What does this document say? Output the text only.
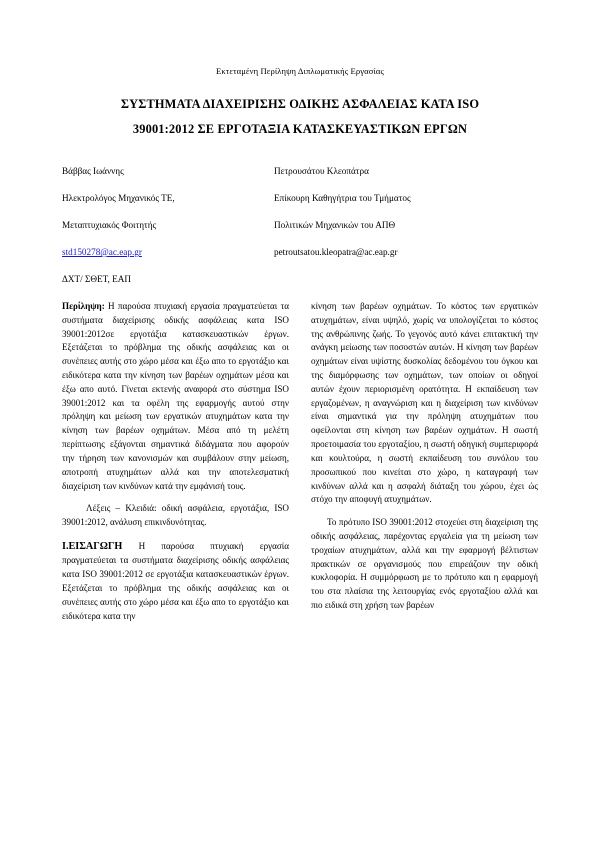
Εκτεταμένη Περίληψη Διπλωματικής Εργασίας
ΣΥΣΤΗΜΑΤΑ ΔΙΑΧΕΙΡΙΣΗΣ ΟΔΙΚΗΣ ΑΣΦΑΛΕΙΑΣ ΚΑΤΑ ISO
39001:2012 ΣΕ ΕΡΓΟΤΑΞΙΑ ΚΑΤΑΣΚΕΥΑΣΤΙΚΩΝ ΕΡΓΩΝ
Βάββας Ιωάννης	Πετρουσάτου Κλεοπάτρα
Ηλεκτρολόγος Μηχανικός ΤΕ,
Μεταπτυχιακός Φοιτητής
Επίκουρη Καθηγήτρια του Τμήματος
Πολιτικών Μηχανικών του ΑΠΘ
std150278@ac.eap.gr
ΔΧΤ/ ΣΘΕΤ, ΕΑΠ
petroutsatou.kleopatra@ac.eap.gr

Περίληψη: Η παρούσα πτυχιακή εργασία πραγματεύεται τα συστήματα διαχείρισης οδικής ασφάλειας κατα ISO 39001:2012σε εργοτάξια κατασκευαστικών έργων. Εξετάζεται το πρόβλημα της οδικής ασφάλειας και οι συνέπειες αυτής στο χώρο μέσα και έξω απο το εργοτάξιο και ειδικότερα κατα την κίνηση των βαρέων οχημάτων μέσα και έξω απο αυτό. Γίνεται εκτενής αναφορά στο σύστημα ISO 39001:2012 και τα οφέλη της εφαρμογής αυτού στην πρόληψη και μείωση των εργατικών ατυχημάτων κατα την κίνηση των βαρέων οχημάτων. Μέσα από τη μελέτη περίπτωσης εξάγονται σημαντικά διδάγματα που αφορούν την τήρηση των κανονισμών και συμβάλουν στην μείωση, αποτροπή ατυχημάτων αλλά και την αποτελεσματική διαχείριση των κινδύνων κατά την εμφάνισή τους.

Λέξεις – Κλειδιά: οδική ασφάλεια, εργοτάξια, ISO 39001:2012, ανάλυση επικινδυνότητας.

I.ΕΙΣΑΓΩΓΗ Η παρούσα πτυχιακή εργασία πραγματεύεται τα συστήματα διαχείρισης οδικής ασφάλειας κατα ISO 39001:2012 σε εργοτάξια κατασκευαστικών έργων. Εξετάζεται το πρόβλημα της οδικής ασφάλειας και οι συνέπειες αυτής στο χώρο μέσα και έξω απο το εργοτάξιο και ειδικότερα κατα την

κίνηση των βαρέων οχημάτων. Το κόστος των εργατικών ατυχημάτων, είναι υψηλό, χωρίς να υπολογίζεται το κόστος της ανθρώπινης ζωής. Το γεγονός αυτό κάνει επιτακτική την ανάγκη μείωσης των ποσοστών αυτών. Η κίνηση των βαρέων οχημάτων είναι υψίστης δυσκολίας δεδομένου του όγκου και της διαμόρφωσης των οχημάτων, των οποίων οι οδηγοί αυτών έχουν περιορισμένη ορατότητα. Η εκπαίδευση των εργαζομένων, η αναγνώριση και η διαχείριση των κινδύνων είναι σημαντικά για την πρόληψη ατυχημάτων που οφείλονται στη κίνηση των βαρέων οχημάτων. Η σωστή προετοιμασία του εργοταξίου, η σωστή οδηγική συμπεριφορά και κουλτούρα, η σωστή εκπαίδευση του συνόλου του προσωπικού που κινείται στο χώρο, η καταγραφή των κινδύνων αλλά και η ασφαλή διάταξη του χώρου, έχει ώς στόχο την αποφυγή ατυχημάτων.

Το πρότυπο ISO 39001:2012 στοχεύει στη διαχείριση της οδικής ασφάλειας, παρέχοντας εργαλεία για τη μείωση των τροχαίων ατυχημάτων, αλλά και την εφαρμογή βέλτιστων πρακτικών σε οργανισμούς που επιρεάζουν την οδική κυκλοφορία. Η συμμόρφωση με το πρότυπο και η εφαρμογή του στα πλαίσια της λειτουργίας ενός εργοταξίου αλλά και πιο ειδικά στη χρήση των βαρέων
